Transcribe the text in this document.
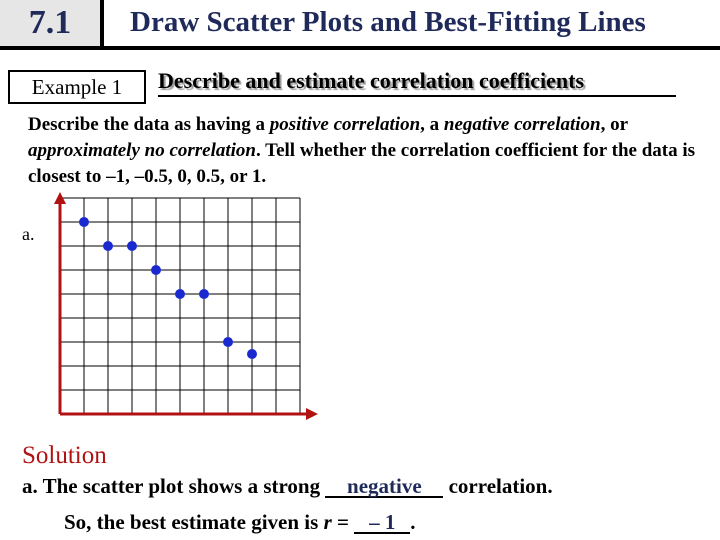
7.1	Draw Scatter Plots and Best-Fitting Lines
Example 1	Describe and estimate correlation coefficients
Describe the data as having a positive correlation, a negative correlation, or approximately no correlation. Tell whether the correlation coefficient for the data is closest to –1, –0.5, 0, 0.5, or 1.
a.
Solution
a. The scatter plot shows a strong negative correlation.
So, the best estimate given is r = – 1 .
